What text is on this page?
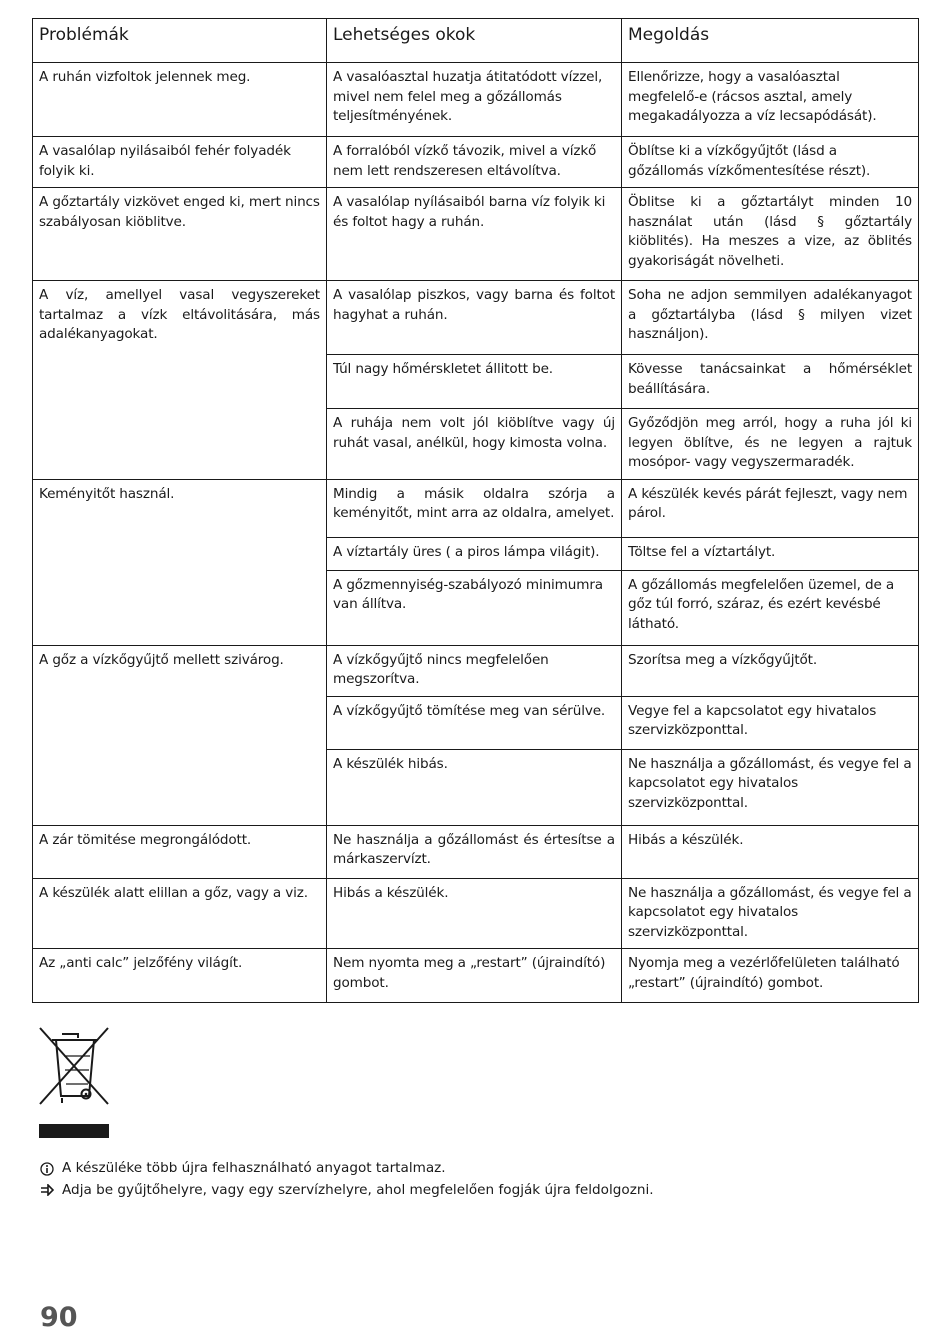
Problémák	Lehetséges okok	Megoldás
A ruhán vizfoltok jelennek meg.	A vasalóasztal huzatja átitatódott vízzel, mivel nem felel meg a gőzállomás teljesítményének.	Ellenőrizze, hogy a vasalóasztal megfelelő-e (rácsos asztal, amely megakadályozza a víz lecsapódását).
A vasalólap nyilásaiból fehér folyadék folyik ki.	A forralóból vízkő távozik, mivel a vízkő nem lett rendszeresen eltávolítva.	Öblítse ki a vízkőgyűjtőt (lásd a gőzállomás vízkőmentesítése részt).
A gőztartály vizkövet enged ki, mert nincs szabályosan kiöblitve.	A vasalólap nyílásaiból barna víz folyik ki és foltot hagy a ruhán.	Öblitse ki a gőztartályt minden 10 használat után (lásd § gőztartály kiöblités). Ha meszes a vize, az öblités gyakoriságát növelheti.
A víz, amellyel vasal vegyszereket tartalmaz a vízk eltávolitására, más adalékanyagokat.	A vasalólap piszkos, vagy barna és foltot hagyhat a ruhán.	Soha ne adjon semmilyen adalékanyagot a gőztartályba (lásd § milyen vizet használjon).
	Túl nagy hőmérskletet állitott be.	Kövesse tanácsainkat a hőmérséklet beállítására.
	A ruhája nem volt jól kiöblítve vagy új ruhát vasal, anélkül, hogy kimosta volna.	Győződjön meg arról, hogy a ruha jól ki legyen öblítve, és ne legyen a rajtuk mosópor- vagy vegyszermaradék.
Keményitőt használ.	Mindig a másik oldalra szórja a keményitőt, mint arra az oldalra, amelyet.	A készülék kevés párát fejleszt, vagy nem párol.
	A víztartály üres ( a piros lámpa világit).	Töltse fel a víztartályt.
	A gőzmennyiség-szabályozó minimumra van állítva.	A gőzállomás megfelelően üzemel, de a gőz túl forró, száraz, és ezért kevésbé látható.
A gőz a vízkőgyűjtő mellett szivárog.	A vízkőgyűjtő nincs megfelelően megszorítva.	Szorítsa meg a vízkőgyűjtőt.
	A vízkőgyűjtő tömítése meg van sérülve.	Vegye fel a kapcsolatot egy hivatalos szervizközponttal.
	A készülék hibás.	Ne használja a gőzállomást, és vegye fel a kapcsolatot egy hivatalos szervizközponttal.
A zár tömitése megrongálódott.	Ne használja a gőzállomást és értesítse a márkaszervízt.	Hibás a készülék.
A készülék alatt elillan a gőz, vagy a viz.	Hibás a készülék.	Ne használja a gőzállomást, és vegye fel a kapcsolatot egy hivatalos szervizközponttal.
Az „anti calc” jelzőfény világít.	Nem nyomta meg a „restart” (újraindító) gombot.	Nyomja meg a vezérlőfelületen található „restart” (újraindító) gombot.
A készüléke több újra felhasználható anyagot tartalmaz.
Adja be gyűjtőhelyre, vagy egy szervízhelyre, ahol megfelelően fogják újra feldolgozni.
90
